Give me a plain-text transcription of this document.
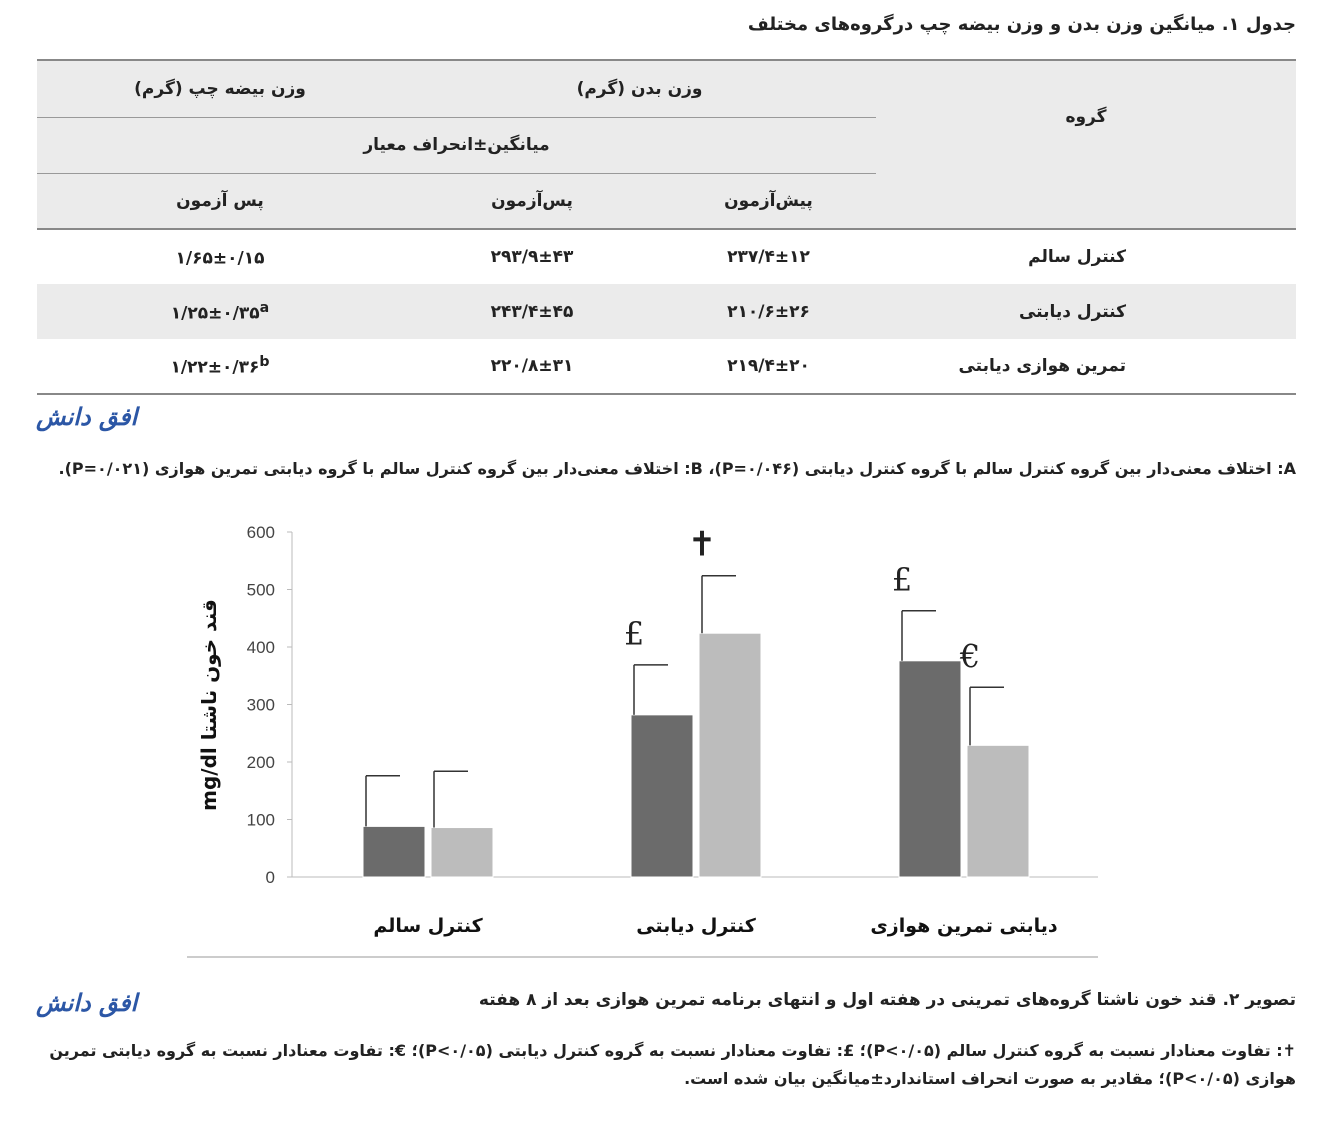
جدول ۱. میانگین وزن بدن و وزن بیضه چپ درگروه‌های مختلف
گروه	وزن بدن (گرم)		وزن بیضه چپ (گرم)
	میانگین±انحراف معیار		
	پیش‌آزمون	پس‌آزمون	پس آزمون
کنترل سالم	۲۳۷/۴±۱۲	۲۹۳/۹±۴۳	۱/۶۵±۰/۱۵
کنترل دیابتی	۲۱۰/۶±۲۶	۲۴۳/۴±۴۵	$۱/۲۵\pm ۰/۳۵^a$
تمرین هوازی دیابتی	۲۱۹/۴±۲۰	۲۲۰/۸±۳۱	$۱/۲۲\pm ۰/۳۶^b$
افق دانش
A: اختلاف معنی‌دار بین گروه کنترل سالم با گروه کنترل دیابتی (P=۰/۰۴۶)، B: اختلاف معنی‌دار بین گروه کنترل سالم با گروه دیابتی تمرین هوازی (P=۰/۰۲۱).
0
100
200
300
400
500
600
قند خون ناشتا mg/dl
کنترل سالم
£
✝
کنترل دیابتی
£
€
دیابتی تمرین هوازی
افق دانش	تصویر ۲. قند خون ناشتا گروه‌های تمرینی در هفته اول و انتهای برنامه تمرین هوازی بعد از ۸ هفته
✝: تفاوت معنادار نسبت به گروه کنترل سالم (P<۰/۰۵)؛ £: تفاوت معنادار نسبت به گروه کنترل دیابتی (P<۰/۰۵)؛ €: تفاوت معنادار نسبت به گروه دیابتی تمرین هوازی (P<۰/۰۵)؛ مقادیر به صورت انحراف استاندارد±میانگین بیان شده است.
